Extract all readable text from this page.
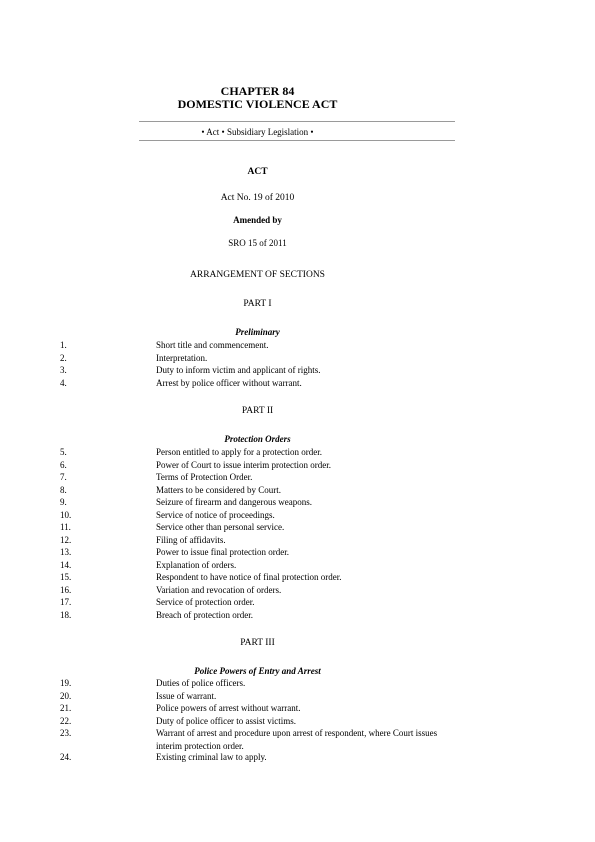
CHAPTER 84
DOMESTIC VIOLENCE ACT
• Act • Subsidiary Legislation •
ACT
Act No. 19 of 2010
Amended by
SRO 15 of 2011
ARRANGEMENT OF SECTIONS
PART I
Preliminary
1.	Short title and commencement.
2.	Interpretation.
3.	Duty to inform victim and applicant of rights.
4.	Arrest by police officer without warrant.
PART II
Protection Orders
5.	Person entitled to apply for a protection order.
6.	Power of Court to issue interim protection order.
7.	Terms of Protection Order.
8.	Matters to be considered by Court.
9.	Seizure of firearm and dangerous weapons.
10.	Service of notice of proceedings.
11.	Service other than personal service.
12.	Filing of affidavits.
13.	Power to issue final protection order.
14.	Explanation of orders.
15.	Respondent to have notice of final protection order.
16.	Variation and revocation of orders.
17.	Service of protection order.
18.	Breach of protection order.
PART III
Police Powers of Entry and Arrest
19.	Duties of police officers.
20.	Issue of warrant.
21.	Police powers of arrest without warrant.
22.	Duty of police officer to assist victims.
23.	Warrant of arrest and procedure upon arrest of respondent, where Court issues interim protection order.
24.	Existing criminal law to apply.
